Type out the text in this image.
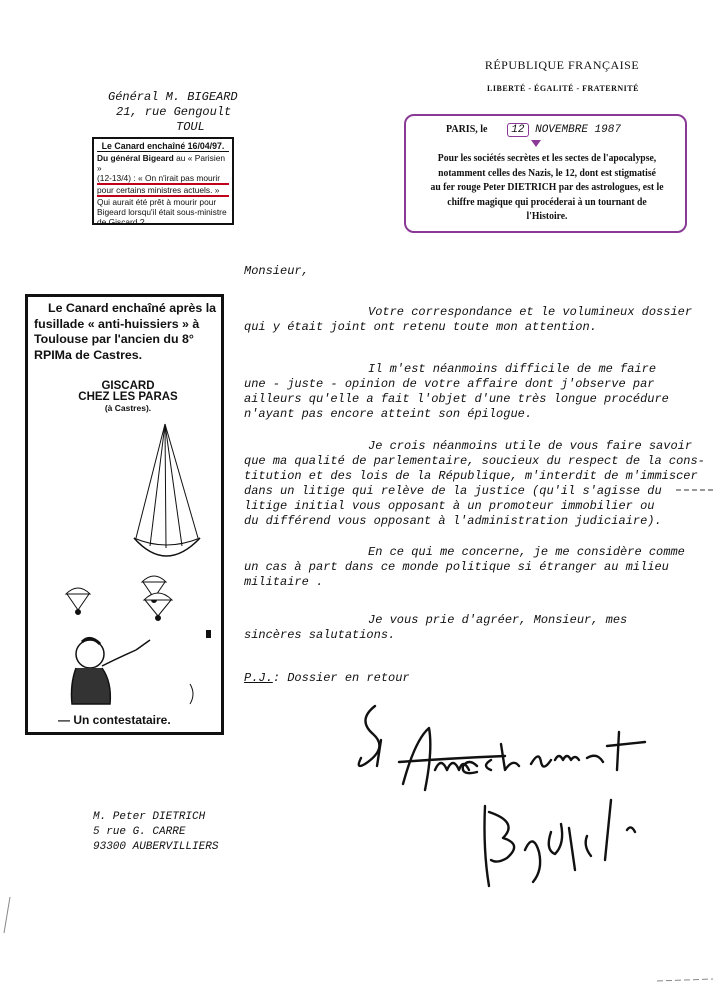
RÉPUBLIQUE FRANÇAISE
LIBERTÉ - ÉGALITÉ - FRATERNITÉ
Général M. BIGEARD
21, rue Gengoult
TOUL
Le Canard enchaîné 16/04/97.
Du général Bigeard au « Parisien »
(12-13/4) : « On n'irait pas mourir
pour certains ministres actuels. »
Qui aurait été prêt à mourir pour
Bigeard lorsqu'il était sous-ministre
de Giscard ?
PARIS, le 12 NOVEMBRE 1987
Pour les sociétés secrètes et les sectes de l'apocalypse,
notamment celles des Nazis, le 12, dont est stigmatisé
au fer rouge Peter DIETRICH par des astrologues, est le
chiffre magique qui procéderai à un tournant de
l'Histoire.
Monsieur,
Votre correspondance et le volumineux dossier
qui y était joint ont retenu toute mon attention.
Il m'est néanmoins difficile de me faire
une - juste - opinion de votre affaire dont j'observe par
ailleurs qu'elle a fait l'objet d'une très longue procédure
n'ayant pas encore atteint son épilogue.
Je crois néanmoins utile de vous faire savoir
que ma qualité de parlementaire, soucieux du respect de la cons-
titution et des lois de la République, m'interdit de m'immiscer
dans un litige qui relève de la justice (qu'il s'agisse du
litige initial vous opposant à un promoteur immobilier ou
du différend vous opposant à l'administration judiciaire).
En ce qui me concerne, je me considère comme
un cas à part dans ce monde politique si étranger au milieu
militaire .
Je vous prie d'agréer, Monsieur, mes
sincères salutations.
P.J.: Dossier en retour
Le Canard enchaîné après la
fusillade « anti-huissiers » à
Toulouse par l'ancien du 8°
RPIMa de Castres.
GISCARD
CHEZ LES PARAS
(à Castres).
— Un contestataire.
M. Peter DIETRICH
5 rue G. CARRE
93300 AUBERVILLIERS
